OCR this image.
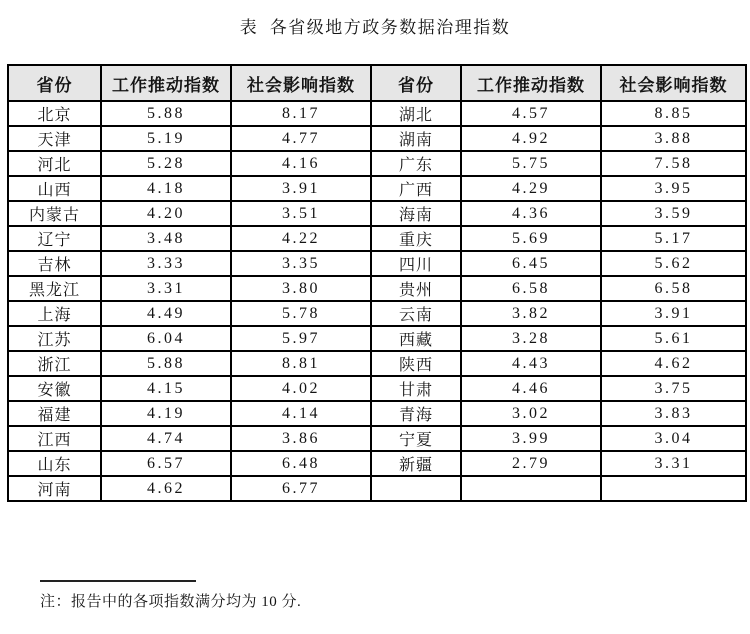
表  各省级地方政务数据治理指数
省份	工作推动指数	社会影响指数	省份	工作推动指数	社会影响指数
北京	5.88	8.17	湖北	4.57	8.85
天津	5.19	4.77	湖南	4.92	3.88
河北	5.28	4.16	广东	5.75	7.58
山西	4.18	3.91	广西	4.29	3.95
内蒙古	4.20	3.51	海南	4.36	3.59
辽宁	3.48	4.22	重庆	5.69	5.17
吉林	3.33	3.35	四川	6.45	5.62
黑龙江	3.31	3.80	贵州	6.58	6.58
上海	4.49	5.78	云南	3.82	3.91
江苏	6.04	5.97	西藏	3.28	5.61
浙江	5.88	8.81	陕西	4.43	4.62
安徽	4.15	4.02	甘肃	4.46	3.75
福建	4.19	4.14	青海	3.02	3.83
江西	4.74	3.86	宁夏	3.99	3.04
山东	6.57	6.48	新疆	2.79	3.31
河南	4.62	6.77			
注：报告中的各项指数满分均为 10 分.
